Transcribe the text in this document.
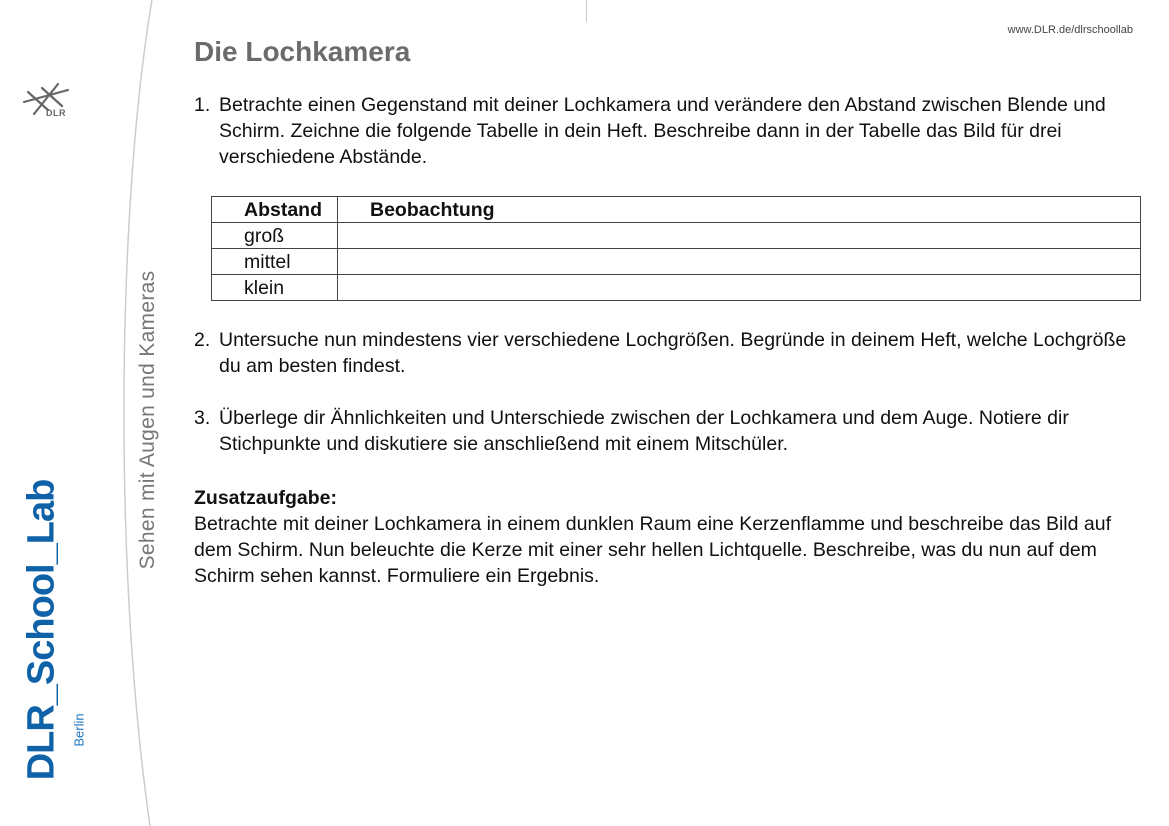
www.DLR.de/dlrschoollab
DLR
Sehen mit Augen und Kameras
DLR_School_Lab Berlin
Die Lochkamera

1. Betrachte einen Gegenstand mit deiner Lochkamera und verändere den Abstand zwischen Blende und Schirm. Zeichne die folgende Tabelle in dein Heft. Beschreibe dann in der Tabelle das Bild für drei verschiedene Abstände.

Abstand	Beobachtung
groß	
mittel	
klein	

2. Untersuche nun mindestens vier verschiedene Lochgrößen. Begründe in deinem Heft, welche Lochgröße du am besten findest.

3. Überlege dir Ähnlichkeiten und Unterschiede zwischen der Lochkamera und dem Auge. Notiere dir Stichpunkte und diskutiere sie anschließend mit einem Mitschüler.

Zusatzaufgabe:

Betrachte mit deiner Lochkamera in einem dunklen Raum eine Kerzenflamme und beschreibe das Bild auf dem Schirm. Nun beleuchte die Kerze mit einer sehr hellen Lichtquelle. Beschreibe, was du nun auf dem Schirm sehen kannst. Formuliere ein Ergebnis.
